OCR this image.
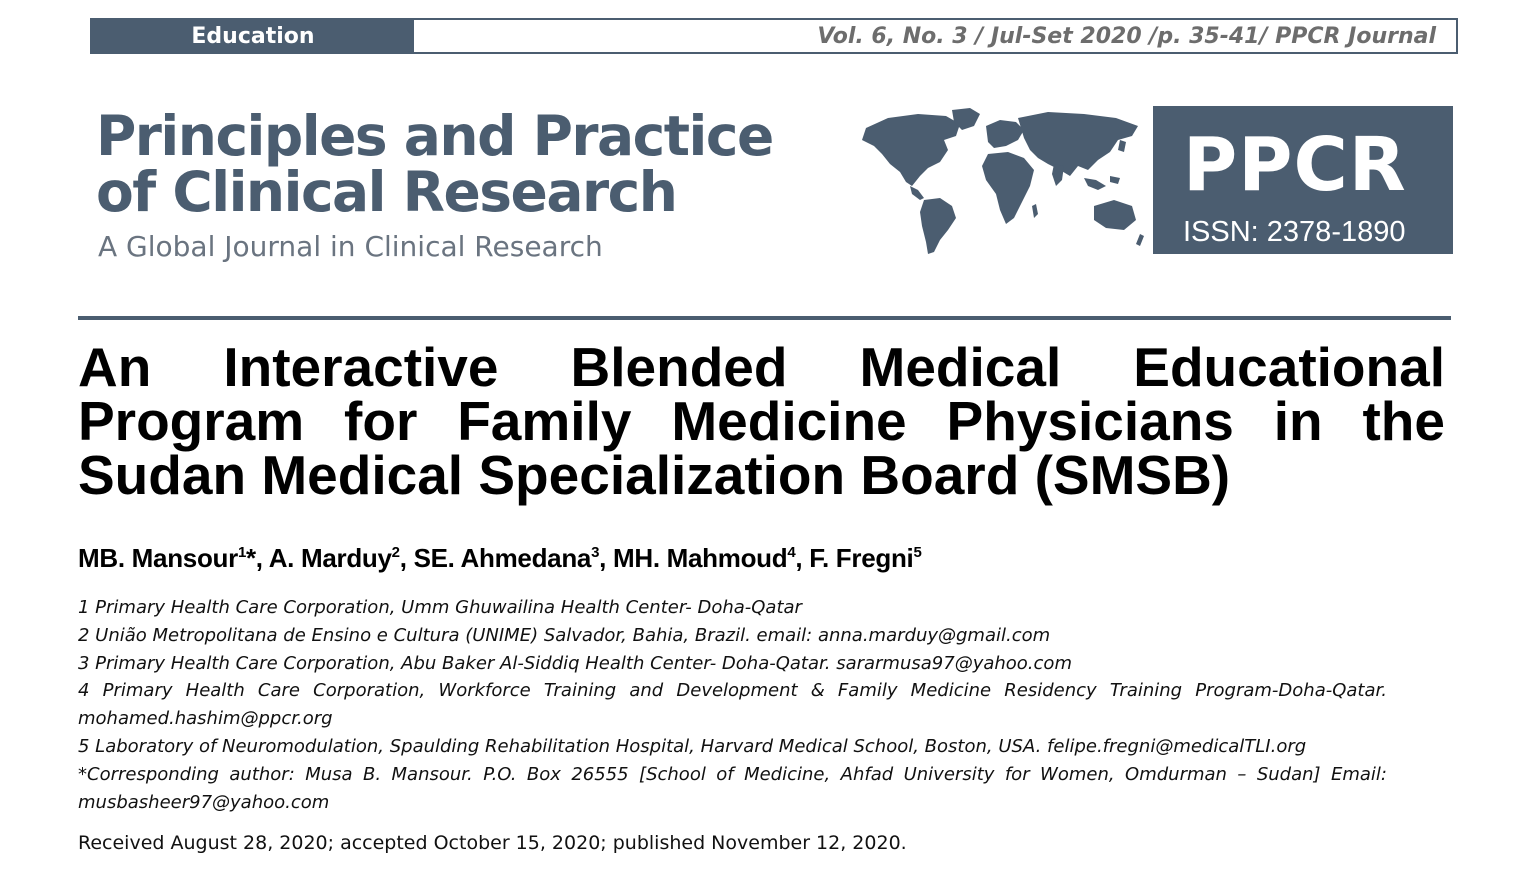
Education	Vol. 6, No. 3 / Jul-Set 2020 /p. 35-41/ PPCR Journal
Principles and Practice
of Clinical Research
A Global Journal in Clinical Research
PPCR
ISSN: 2378-1890
An Interactive Blended Medical Educational Program for Family Medicine Physicians in the Sudan Medical Specialization Board (SMSB)
MB. Mansour$^1$*, A. Marduy$^2$, SE. Ahmedana$^3$, MH. Mahmoud$^4$, F. Fregni$^5$
1 Primary Health Care Corporation, Umm Ghuwailina Health Center- Doha-Qatar
2 União Metropolitana de Ensino e Cultura (UNIME) Salvador, Bahia, Brazil. email: anna.marduy@gmail.com
3 Primary Health Care Corporation, Abu Baker Al-Siddiq Health Center- Doha-Qatar. sararmusa97@yahoo.com
4 Primary Health Care Corporation, Workforce Training and Development & Family Medicine Residency Training Program-Doha-Qatar. mohamed.hashim@ppcr.org
5 Laboratory of Neuromodulation, Spaulding Rehabilitation Hospital, Harvard Medical School, Boston, USA. felipe.fregni@medicalTLI.org
*Corresponding author: Musa B. Mansour. P.O. Box 26555 [School of Medicine, Ahfad University for Women, Omdurman – Sudan] Email: musbasheer97@yahoo.com
Received August 28, 2020; accepted October 15, 2020; published November 12, 2020.
